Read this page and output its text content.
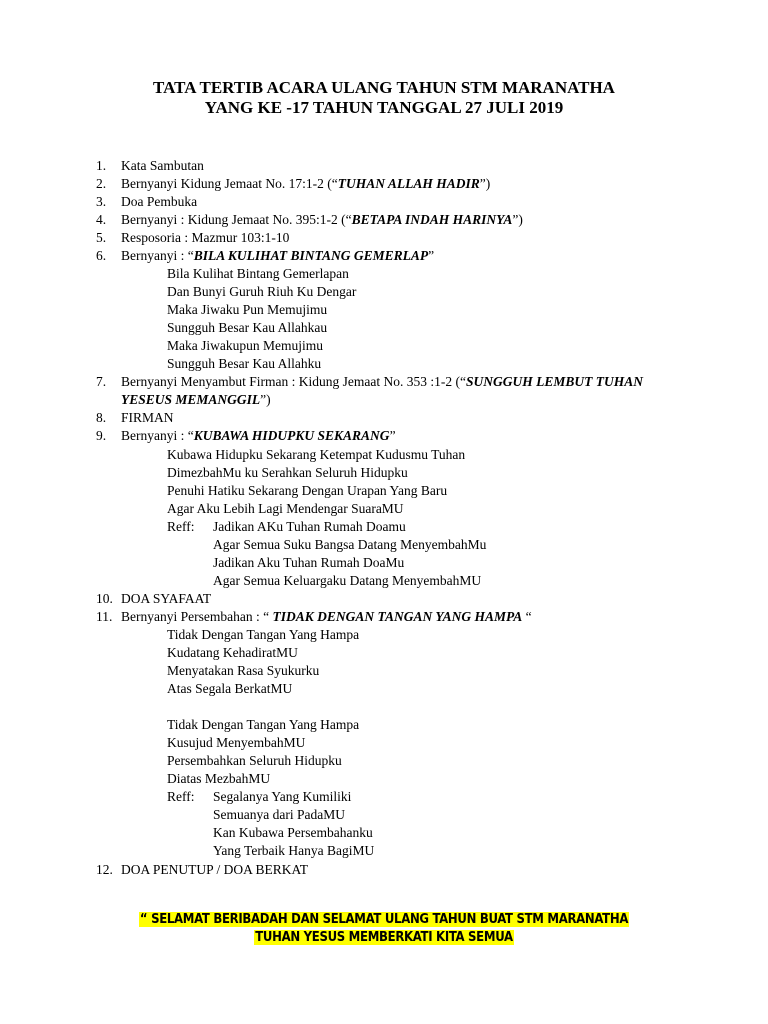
TATA TERTIB ACARA ULANG TAHUN STM MARANATHA
YANG KE -17 TAHUN TANGGAL 27 JULI 2019
1. Kata Sambutan
2. Bernyanyi Kidung Jemaat No. 17:1-2 (“TUHAN ALLAH HADIR”)
3. Doa Pembuka
4. Bernyanyi : Kidung Jemaat No. 395:1-2 (“BETAPA INDAH HARINYA”)
5. Resposoria : Mazmur 103:1-10
6. Bernyanyi : “BILA KULIHAT BINTANG GEMERLAP”
Bila Kulihat Bintang Gemerlapan
Dan Bunyi Guruh Riuh Ku Dengar
Maka Jiwaku Pun Memujimu
Sungguh Besar Kau Allahkau
Maka Jiwakupun Memujimu
Sungguh Besar Kau Allahku
7. Bernyanyi Menyambut Firman : Kidung Jemaat No. 353 :1-2 (“SUNGGUH LEMBUT TUHAN
YESEUS MEMANGGIL”)
8. FIRMAN
9. Bernyanyi : “KUBAWA HIDUPKU SEKARANG”
Kubawa Hidupku Sekarang Ketempat Kudusmu Tuhan
DimezbahMu ku Serahkan Seluruh Hidupku
Penuhi Hatiku Sekarang Dengan Urapan Yang Baru
Agar Aku Lebih Lagi Mendengar SuaraMU
Reff: Jadikan AKu Tuhan Rumah Doamu
Agar Semua Suku Bangsa Datang MenyembahMu
Jadikan Aku Tuhan Rumah DoaMu
Agar Semua Keluargaku Datang MenyembahMU
10. DOA SYAFAAT
11. Bernyanyi Persembahan : “ TIDAK DENGAN TANGAN YANG HAMPA “
Tidak Dengan Tangan Yang Hampa
Kudatang KehadiratMU
Menyatakan Rasa Syukurku
Atas Segala BerkatMU
Tidak Dengan Tangan Yang Hampa
Kusujud MenyembahMU
Persembahkan Seluruh Hidupku
Diatas MezbahMU
Reff: Segalanya Yang Kumiliki
Semuanya dari PadaMU
Kan Kubawa Persembahanku
Yang Terbaik Hanya BagiMU
12. DOA PENUTUP / DOA BERKAT
“ SELAMAT BERIBADAH DAN SELAMAT ULANG TAHUN BUAT STM MARANATHA
TUHAN YESUS MEMBERKATI KITA SEMUA
